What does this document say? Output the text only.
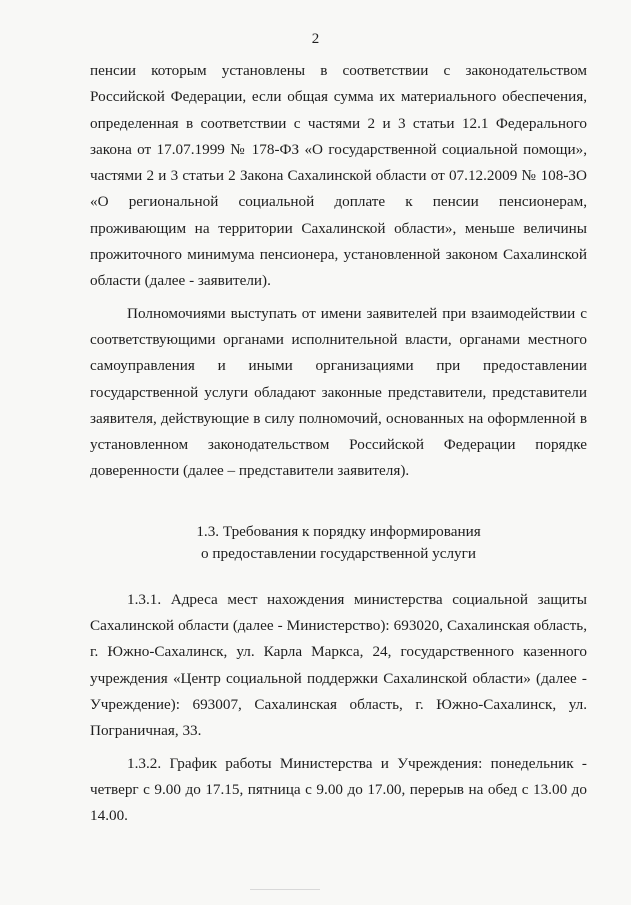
2

пенсии которым установлены в соответствии с законодательством Российской Федерации, если общая сумма их материального обеспечения, определенная в соответствии с частями 2 и 3 статьи 12.1 Федерального закона от 17.07.1999 № 178-ФЗ «О государственной социальной помощи», частями 2 и 3 статьи 2 Закона Сахалинской области от 07.12.2009 № 108-ЗО «О региональной социальной доплате к пенсии пенсионерам, проживающим на территории Сахалинской области», меньше величины прожиточного минимума пенсионера, установленной законом Сахалинской области (далее - заявители).

Полномочиями выступать от имени заявителей при взаимодействии с соответствующими органами исполнительной власти, органами местного самоуправления и иными организациями при предоставлении государственной услуги обладают законные представители, представители заявителя, действующие в силу полномочий, основанных на оформленной в установленном законодательством Российской Федерации порядке доверенности (далее – представители заявителя).

1.3. Требования к порядку информирования
о предоставлении государственной услуги

1.3.1. Адреса мест нахождения министерства социальной защиты Сахалинской области (далее - Министерство): 693020, Сахалинская область, г. Южно-Сахалинск, ул. Карла Маркса, 24, государственного казенного учреждения «Центр социальной поддержки Сахалинской области» (далее - Учреждение): 693007, Сахалинская область, г. Южно-Сахалинск, ул. Пограничная, 33.

1.3.2. График работы Министерства и Учреждения: понедельник - четверг с 9.00 до 17.15, пятница с 9.00 до 17.00, перерыв на обед с 13.00 до 14.00.
